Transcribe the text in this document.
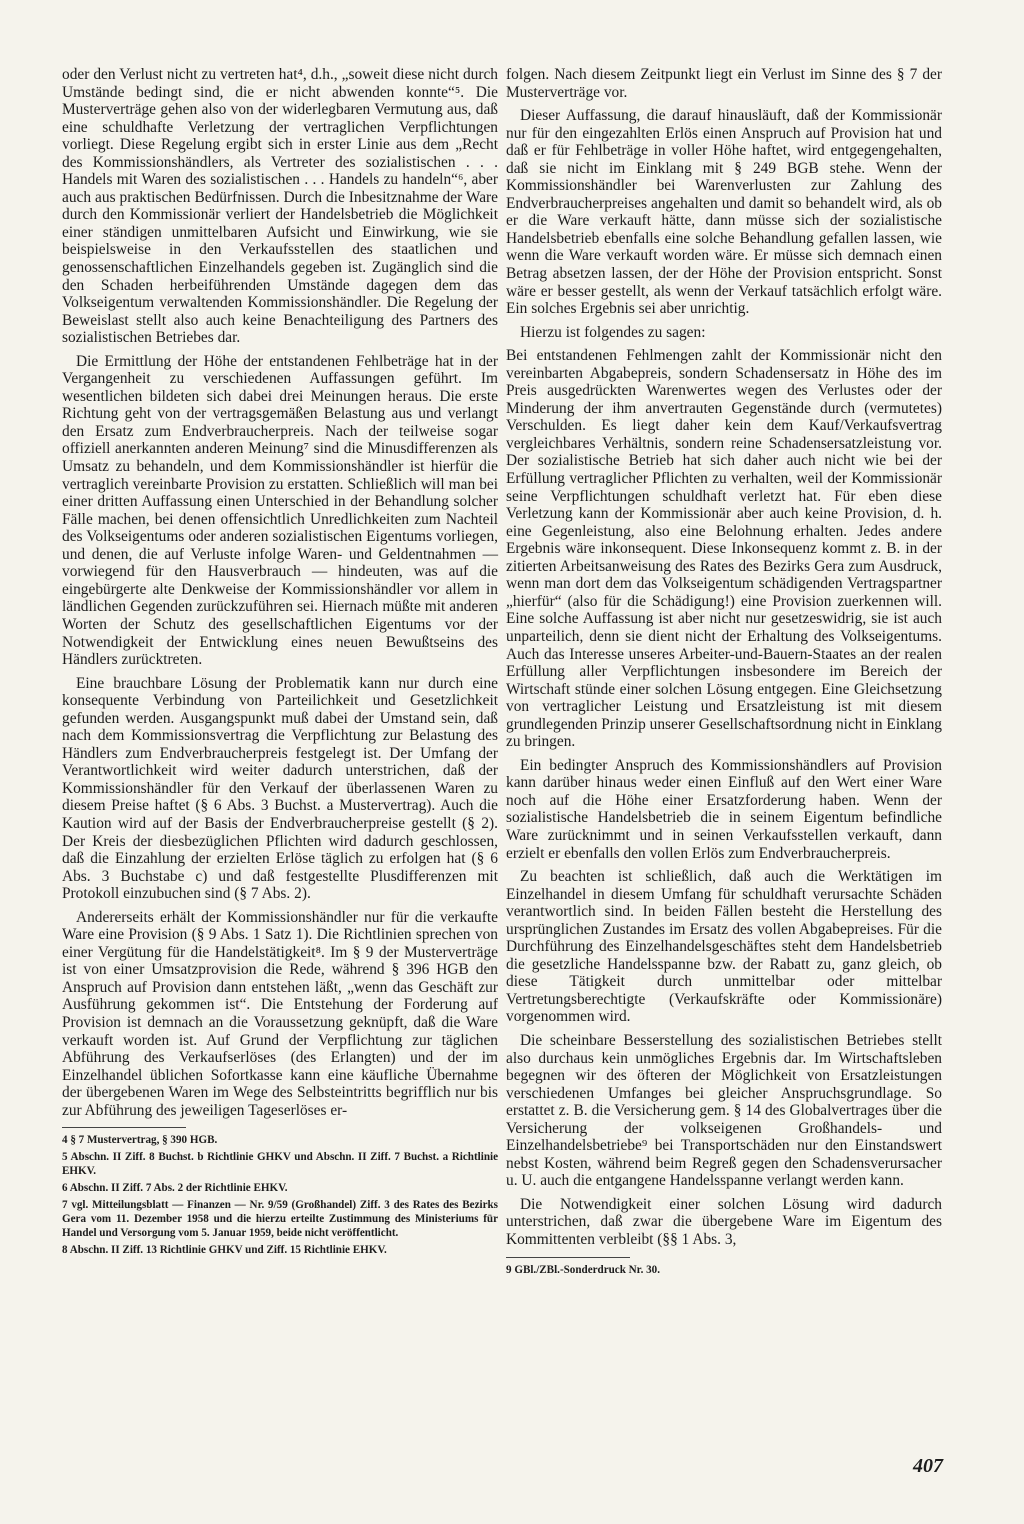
oder den Verlust nicht zu vertreten hat⁴, d.h., „soweit diese nicht durch Umstände bedingt sind, die er nicht abwenden konnte“⁵. Die Musterverträge gehen also von der widerlegbaren Vermutung aus, daß eine schuldhafte Verletzung der vertraglichen Verpflichtungen vorliegt. Diese Regelung ergibt sich in erster Linie aus dem „Recht des Kommissionshändlers, als Vertreter des sozialistischen . . . Handels mit Waren des sozialistischen . . . Handels zu handeln“⁶, aber auch aus praktischen Bedürfnissen. Durch die Inbesitznahme der Ware durch den Kommissionär verliert der Handelsbetrieb die Möglichkeit einer ständigen unmittelbaren Aufsicht und Einwirkung, wie sie beispielsweise in den Verkaufsstellen des staatlichen und genossenschaftlichen Einzelhandels gegeben ist. Zugänglich sind die den Schaden herbeiführenden Umstände dagegen dem das Volkseigentum verwaltenden Kommissionshändler. Die Regelung der Beweislast stellt also auch keine Benachteiligung des Partners des sozialistischen Betriebes dar.

Die Ermittlung der Höhe der entstandenen Fehlbeträge hat in der Vergangenheit zu verschiedenen Auffassungen geführt. Im wesentlichen bildeten sich dabei drei Meinungen heraus. Die erste Richtung geht von der vertragsgemäßen Belastung aus und verlangt den Ersatz zum Endverbraucherpreis. Nach der teilweise sogar offiziell anerkannten anderen Meinung⁷ sind die Minusdifferenzen als Umsatz zu behandeln, und dem Kommissionshändler ist hierfür die vertraglich vereinbarte Provision zu erstatten. Schließlich will man bei einer dritten Auffassung einen Unterschied in der Behandlung solcher Fälle machen, bei denen offensichtlich Unredlichkeiten zum Nachteil des Volkseigentums oder anderen sozialistischen Eigentums vorliegen, und denen, die auf Verluste infolge Waren- und Geldentnahmen — vorwiegend für den Hausverbrauch — hindeuten, was auf die eingebürgerte alte Denkweise der Kommissionshändler vor allem in ländlichen Gegenden zurückzuführen sei. Hiernach müßte mit anderen Worten der Schutz des gesellschaftlichen Eigentums vor der Notwendigkeit der Entwicklung eines neuen Bewußtseins des Händlers zurücktreten.

Eine brauchbare Lösung der Problematik kann nur durch eine konsequente Verbindung von Parteilichkeit und Gesetzlichkeit gefunden werden. Ausgangspunkt muß dabei der Umstand sein, daß nach dem Kommissionsvertrag die Verpflichtung zur Belastung des Händlers zum Endverbraucherpreis festgelegt ist. Der Umfang der Verantwortlichkeit wird weiter dadurch unterstrichen, daß der Kommissionshändler für den Verkauf der überlassenen Waren zu diesem Preise haftet (§ 6 Abs. 3 Buchst. a Mustervertrag). Auch die Kaution wird auf der Basis der Endverbraucherpreise gestellt (§ 2). Der Kreis der diesbezüglichen Pflichten wird dadurch geschlossen, daß die Einzahlung der erzielten Erlöse täglich zu erfolgen hat (§ 6 Abs. 3 Buchstabe c) und daß festgestellte Plusdifferenzen mit Protokoll einzubuchen sind (§ 7 Abs. 2).

Andererseits erhält der Kommissionshändler nur für die verkaufte Ware eine Provision (§ 9 Abs. 1 Satz 1). Die Richtlinien sprechen von einer Vergütung für die Handelstätigkeit⁸. Im § 9 der Musterverträge ist von einer Umsatzprovision die Rede, während § 396 HGB den Anspruch auf Provision dann entstehen läßt, „wenn das Geschäft zur Ausführung gekommen ist“. Die Entstehung der Forderung auf Provision ist demnach an die Voraussetzung geknüpft, daß die Ware verkauft worden ist. Auf Grund der Verpflichtung zur täglichen Abführung des Verkaufserlöses (des Erlangten) und der im Einzelhandel üblichen Sofortkasse kann eine käufliche Übernahme der übergebenen Waren im Wege des Selbsteintritts begrifflich nur bis zur Abführung des jeweiligen Tageserlöses er-

4 § 7 Mustervertrag, § 390 HGB.

5 Abschn. II Ziff. 8 Buchst. b Richtlinie GHKV und Abschn. II Ziff. 7 Buchst. a Richtlinie EHKV.

6 Abschn. II Ziff. 7 Abs. 2 der Richtlinie EHKV.

7 vgl. Mitteilungsblatt — Finanzen — Nr. 9/59 (Großhandel) Ziff. 3 des Rates des Bezirks Gera vom 11. Dezember 1958 und die hierzu erteilte Zustimmung des Ministeriums für Handel und Versorgung vom 5. Januar 1959, beide nicht veröffentlicht.

8 Abschn. II Ziff. 13 Richtlinie GHKV und Ziff. 15 Richtlinie EHKV.

folgen. Nach diesem Zeitpunkt liegt ein Verlust im Sinne des § 7 der Musterverträge vor.

Dieser Auffassung, die darauf hinausläuft, daß der Kommissionär nur für den eingezahlten Erlös einen Anspruch auf Provision hat und daß er für Fehlbeträge in voller Höhe haftet, wird entgegengehalten, daß sie nicht im Einklang mit § 249 BGB stehe. Wenn der Kommissionshändler bei Warenverlusten zur Zahlung des Endverbraucherpreises angehalten und damit so behandelt wird, als ob er die Ware verkauft hätte, dann müsse sich der sozialistische Handelsbetrieb ebenfalls eine solche Behandlung gefallen lassen, wie wenn die Ware verkauft worden wäre. Er müsse sich demnach einen Betrag absetzen lassen, der der Höhe der Provision entspricht. Sonst wäre er besser gestellt, als wenn der Verkauf tatsächlich erfolgt wäre. Ein solches Ergebnis sei aber unrichtig.

Hierzu ist folgendes zu sagen:

Bei entstandenen Fehlmengen zahlt der Kommissionär nicht den vereinbarten Abgabepreis, sondern Schadensersatz in Höhe des im Preis ausgedrückten Warenwertes wegen des Verlustes oder der Minderung der ihm anvertrauten Gegenstände durch (vermutetes) Verschulden. Es liegt daher kein dem Kauf/Verkaufsvertrag vergleichbares Verhältnis, sondern reine Schadensersatzleistung vor. Der sozialistische Betrieb hat sich daher auch nicht wie bei der Erfüllung vertraglicher Pflichten zu verhalten, weil der Kommissionär seine Verpflichtungen schuldhaft verletzt hat. Für eben diese Verletzung kann der Kommissionär aber auch keine Provision, d. h. eine Gegenleistung, also eine Belohnung erhalten. Jedes andere Ergebnis wäre inkonsequent. Diese Inkonsequenz kommt z. B. in der zitierten Arbeitsanweisung des Rates des Bezirks Gera zum Ausdruck, wenn man dort dem das Volkseigentum schädigenden Vertragspartner „hierfür“ (also für die Schädigung!) eine Provision zuerkennen will. Eine solche Auffassung ist aber nicht nur gesetzeswidrig, sie ist auch unparteilich, denn sie dient nicht der Erhaltung des Volkseigentums. Auch das Interesse unseres Arbeiter-und-Bauern-Staates an der realen Erfüllung aller Verpflichtungen insbesondere im Bereich der Wirtschaft stünde einer solchen Lösung entgegen. Eine Gleichsetzung von vertraglicher Leistung und Ersatzleistung ist mit diesem grundlegenden Prinzip unserer Gesellschaftsordnung nicht in Einklang zu bringen.

Ein bedingter Anspruch des Kommissionshändlers auf Provision kann darüber hinaus weder einen Einfluß auf den Wert einer Ware noch auf die Höhe einer Ersatzforderung haben. Wenn der sozialistische Handelsbetrieb die in seinem Eigentum befindliche Ware zurücknimmt und in seinen Verkaufsstellen verkauft, dann erzielt er ebenfalls den vollen Erlös zum Endverbraucherpreis.

Zu beachten ist schließlich, daß auch die Werktätigen im Einzelhandel in diesem Umfang für schuldhaft verursachte Schäden verantwortlich sind. In beiden Fällen besteht die Herstellung des ursprünglichen Zustandes im Ersatz des vollen Abgabepreises. Für die Durchführung des Einzelhandelsgeschäftes steht dem Handelsbetrieb die gesetzliche Handelsspanne bzw. der Rabatt zu, ganz gleich, ob diese Tätigkeit durch unmittelbar oder mittelbar Vertretungsberechtigte (Verkaufskräfte oder Kommissionäre) vorgenommen wird.

Die scheinbare Besserstellung des sozialistischen Betriebes stellt also durchaus kein unmögliches Ergebnis dar. Im Wirtschaftsleben begegnen wir des öfteren der Möglichkeit von Ersatzleistungen verschiedenen Umfanges bei gleicher Anspruchsgrundlage. So erstattet z. B. die Versicherung gem. § 14 des Globalvertrages über die Versicherung der volkseigenen Großhandels- und Einzelhandelsbetriebe⁹ bei Transportschäden nur den Einstandswert nebst Kosten, während beim Regreß gegen den Schadensverursacher u. U. auch die entgangene Handelsspanne verlangt werden kann.

Die Notwendigkeit einer solchen Lösung wird dadurch unterstrichen, daß zwar die übergebene Ware im Eigentum des Kommittenten verbleibt (§§ 1 Abs. 3,

9 GBl./ZBl.-Sonderdruck Nr. 30.

407
